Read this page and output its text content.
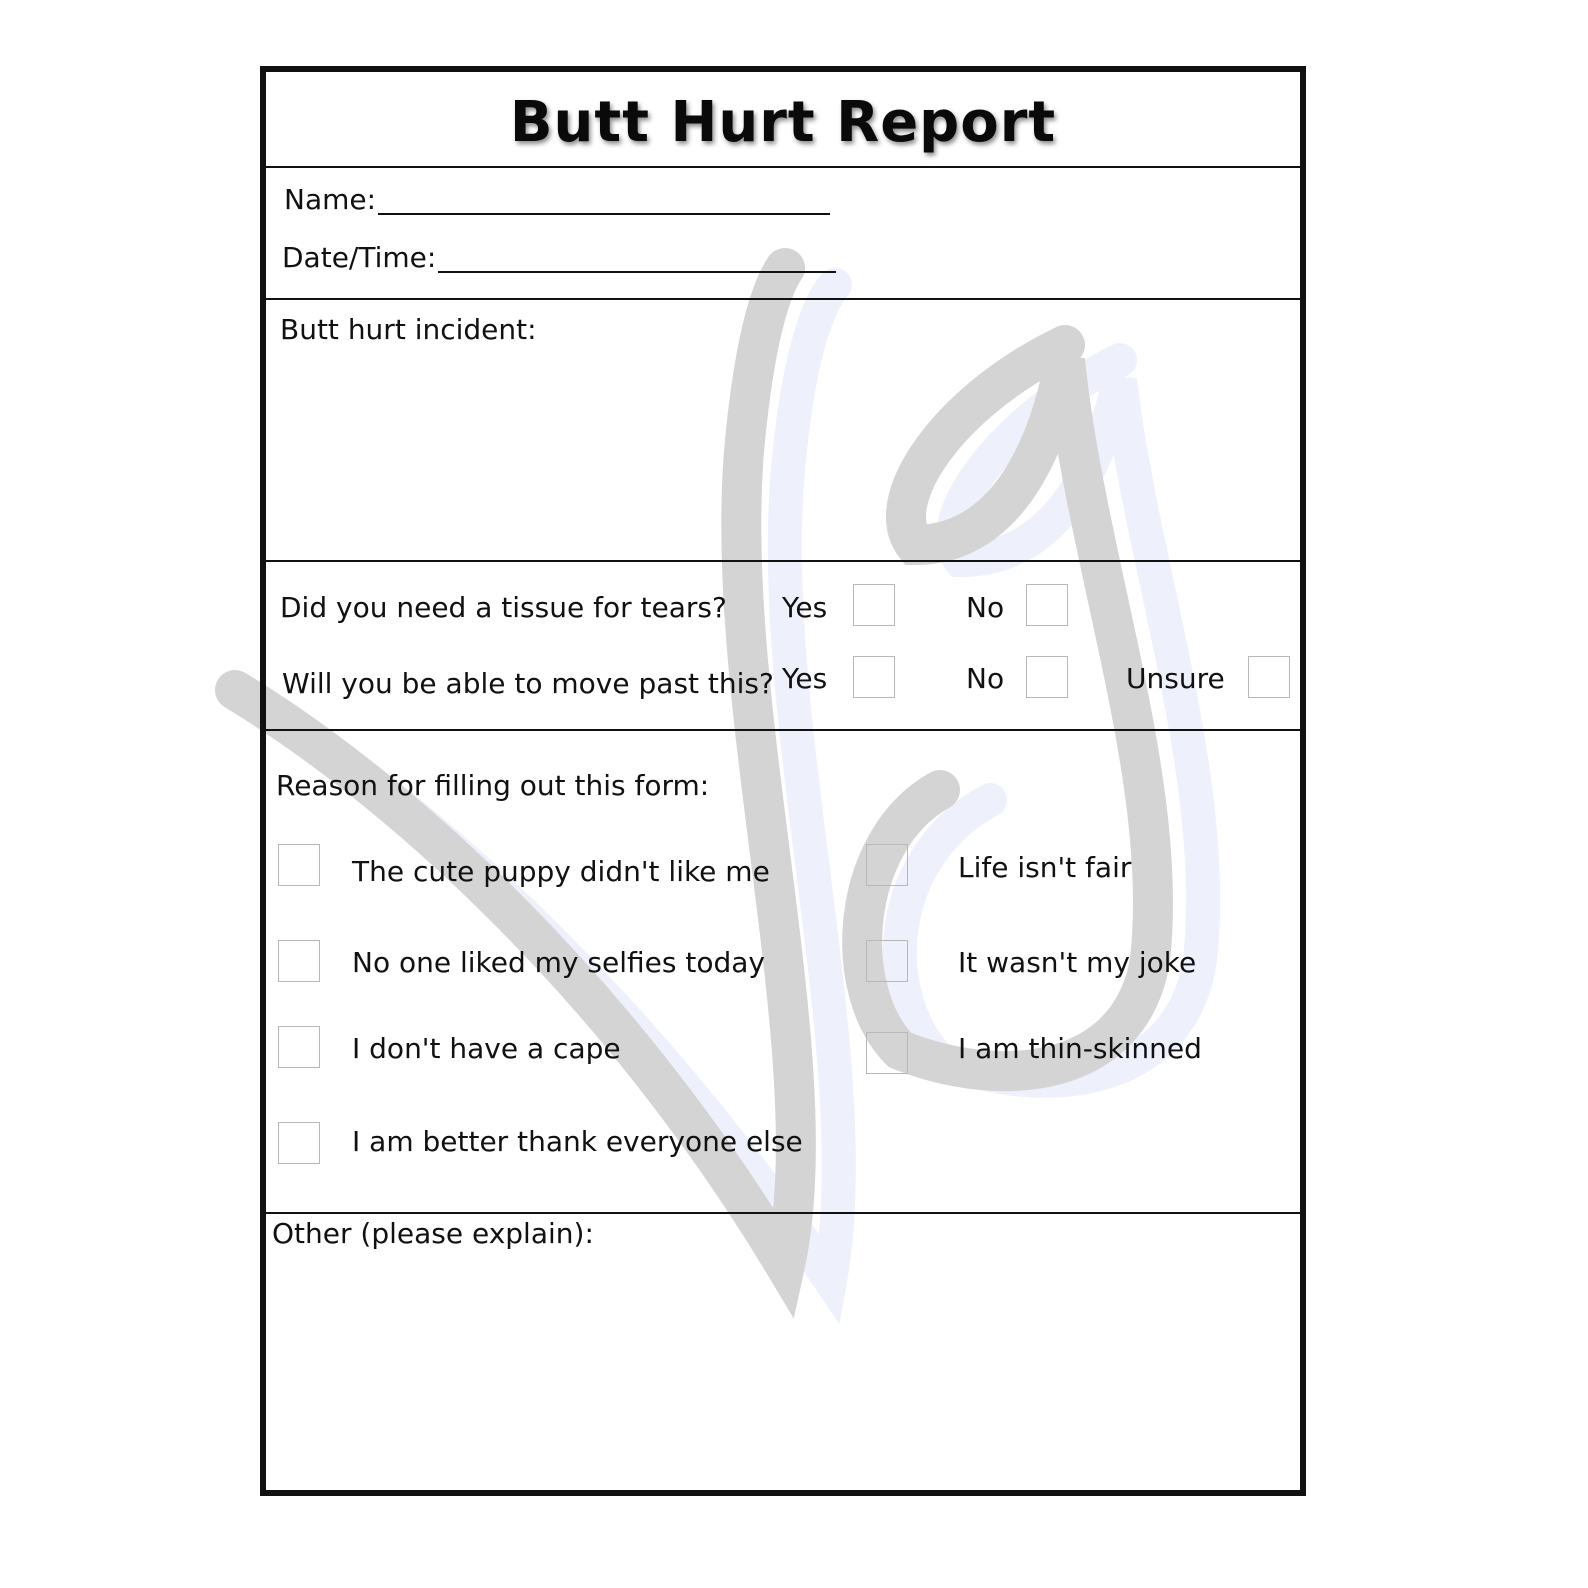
Butt Hurt Report
Name:
Date/Time:
Butt hurt incident:
Did you need a tissue for tears? Yes	No
Will you be able to move past this? Yes	No	Unsure
Reason for filling out this form:
The cute puppy didn't like me
No one liked my selfies today
I don't have a cape
I am better thank everyone else
Life isn't fair
It wasn't my joke
I am thin-skinned
Other (please explain):
